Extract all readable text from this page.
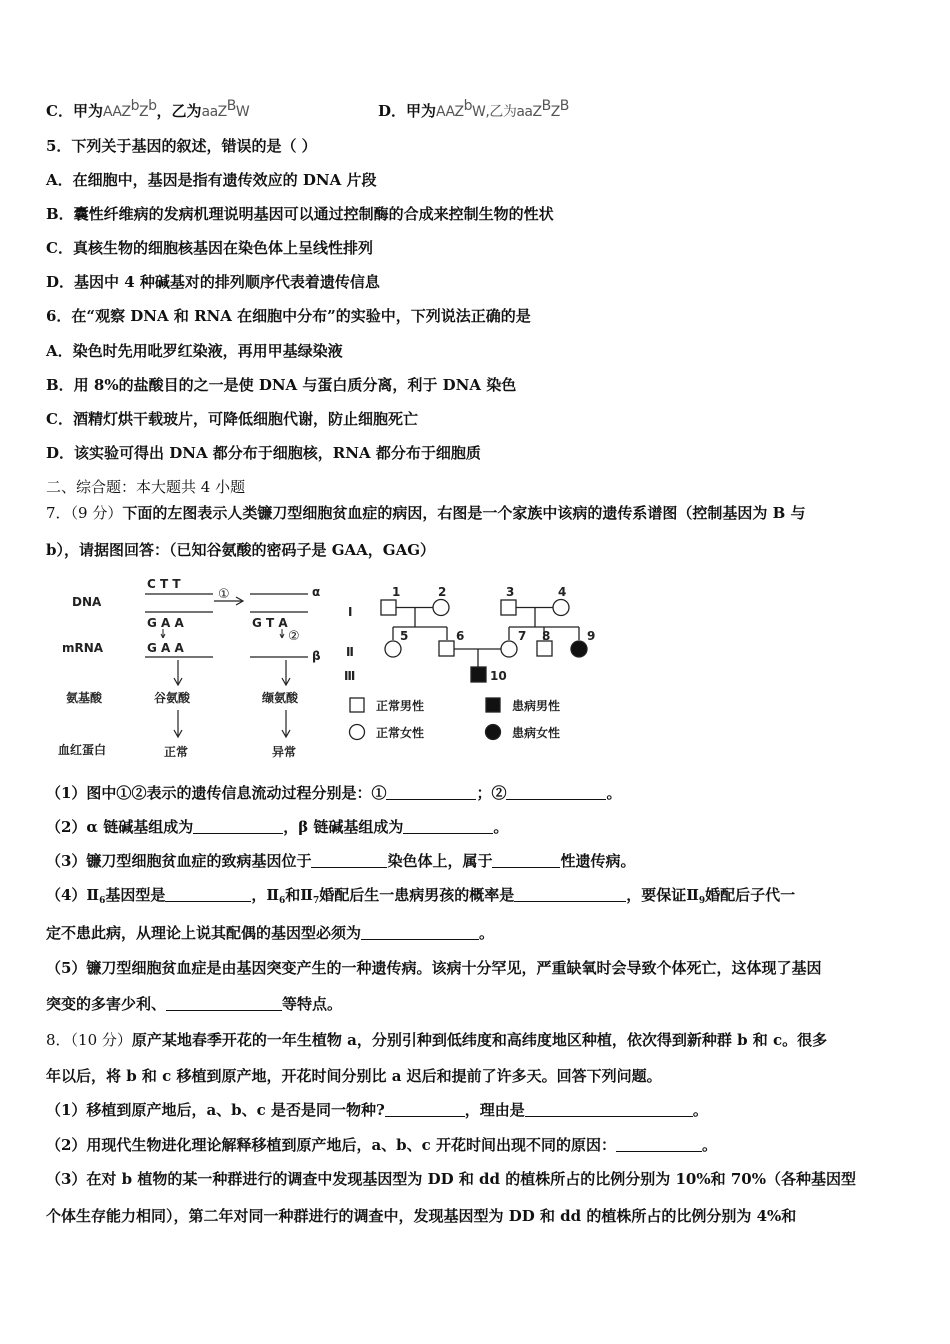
C．甲为$AAZ^bZ^b$，乙为aaZ$^B$W	D．甲为AAZ$^b$W,乙为$aaZ^BZ^B$
5．下列关于基因的叙述，错误的是（ ）
A．在细胞中，基因是指有遗传效应的 DNA 片段
B．囊性纤维病的发病机理说明基因可以通过控制酶的合成来控制生物的性状
C．真核生物的细胞核基因在染色体上呈线性排列
D．基因中 4 种碱基对的排列顺序代表着遗传信息
6．在“观察 DNA 和 RNA 在细胞中分布”的实验中，下列说法正确的是
A．染色时先用吡罗红染液，再用甲基绿染液
B．用 8%的盐酸目的之一是使 DNA 与蛋白质分离，利于 DNA 染色
C．酒精灯烘干载玻片，可降低细胞代谢，防止细胞死亡
D．该实验可得出 DNA 都分布于细胞核，RNA 都分布于细胞质
二、综合题：本大题共 4 小题
7．（9 分）下面的左图表示人类镰刀型细胞贫血症的病因，右图是一个家族中该病的遗传系谱图（控制基因为 B 与
b），请据图回答：（已知谷氨酸的密码子是 GAA，GAG）
DNA
mRNA
氨基酸
血红蛋白
C T T
G A A
G A A
谷氨酸
正常
①	α
G T A
②
β
缬氨酸
异常
Ⅰ
Ⅱ
Ⅲ
1	2	3	4
5	6	7 8	9
10
正常男性	患病男性
正常女性	患病女性
（1）图中①②表示的遗传信息流动过程分别是：①	；②	。
（2）α 链碱基组成为	，β 链碱基组成为	。
（3）镰刀型细胞贫血症的致病基因位于	染色体上，属于	性遗传病。
$(4)Ⅱ_6$基因型是	，$Ⅱ_6$和$Ⅱ_7$婚配后生一患病男孩的概率是	，要保证$Ⅱ_9$婚配后子代一
定不患此病，从理论上说其配偶的基因型必须为	。
（5）镰刀型细胞贫血症是由基因突变产生的一种遗传病。该病十分罕见，严重缺氧时会导致个体死亡，这体现了基因
突变的多害少利、	等特点。
8．（10 分）原产某地春季开花的一年生植物 a，分别引种到低纬度和高纬度地区种植，依次得到新种群 b 和 c。很多
年以后，将 b 和 c 移植到原产地，开花时间分别比 a 迟后和提前了许多天。回答下列问题。
（1）移植到原产地后，a、b、c 是否是同一物种?	，理由是	。
（2）用现代生物进化理论解释移植到原产地后，a、b、c 开花时间出现不同的原因：	。
（3）在对 b 植物的某一种群进行的调查中发现基因型为 DD 和 dd 的植株所占的比例分别为 10%和 70%（各种基因型
个体生存能力相同），第二年对同一种群进行的调查中，发现基因型为 DD 和 dd 的植株所占的比例分别为 4%和
